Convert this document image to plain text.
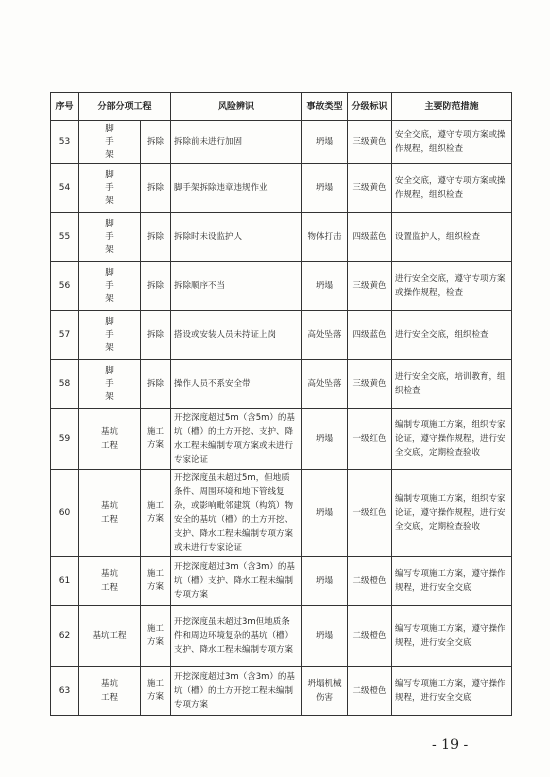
序号	分部分项工程		风险辨识	事故类型	分级标识	主要防范措施
53	脚
手
架	拆除	拆除前未进行加固	坍塌	三级黄色	安全交底，遵守专项方案或操作规程，组织检查
54	脚
手
架	拆除	脚手架拆除违章违规作业	坍塌	三级黄色	安全交底，遵守专项方案或操作规程，组织检查
55	脚
手
架	拆除	拆除时未设监护人	物体打击	四级蓝色	设置监护人，组织检查
56	脚
手
架	拆除	拆除顺序不当	坍塌	三级黄色	进行安全交底，遵守专项方案或操作规程，检查
57	脚
手
架	拆除	搭设或安装人员未持证上岗	高处坠落	四级蓝色	进行安全交底，组织检查
58	脚
手
架	拆除	操作人员不系安全带	高处坠落	三级黄色	进行安全交底，培训教育，组织检查
59	基坑
工程	施工
方案	开挖深度超过5m（含5m）的基坑（槽）的土方开挖、支护、降水工程未编制专项方案或未进行专家论证	坍塌	一级红色	编制专项施工方案，组织专家论证，遵守操作规程，进行安全交底，定期检查验收
60	基坑
工程	施工
方案	开挖深度虽未超过5m，但地质条件、周围环境和地下管线复杂，或影响毗邻建筑（构筑）物安全的基坑（槽）的土方开挖、支护、降水工程未编制专项方案或未进行专家论证	坍塌	一级红色	编制专项施工方案，组织专家论证，遵守操作规程，进行安全交底，定期检查验收
61	基坑
工程	施工
方案	开挖深度超过3m（含3m）的基坑（槽）支护、降水工程未编制专项方案	坍塌	二级橙色	编写专项施工方案，遵守操作规程，进行安全交底
62	基坑工程	施工
方案	开挖深度虽未超过3m但地质条件和周边环境复杂的基坑（槽）支护、降水工程未编制专项方案	坍塌	二级橙色	编写专项施工方案，遵守操作规程，进行安全交底
63	基坑
工程	施工
方案	开挖深度超过3m（含3m）的基坑（槽）的土方开挖工程未编制专项方案	坍塌机械伤害	二级橙色	编写专项施工方案，遵守操作规程，进行安全交底
- 19 -
